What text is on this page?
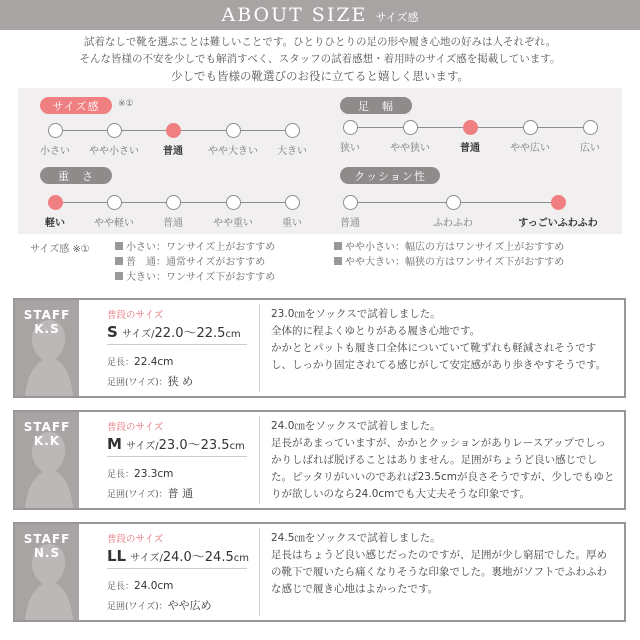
ABOUT SIZE サイズ感
試着なしで靴を選ぶことは難しいことです。ひとりひとりの足の形や履き心地の好みは人それぞれ。
そんな皆様の不安を少しでも解消すべく、スタッフの試着感想・着用時のサイズ感を掲載しています。
少しでも皆様の靴選びのお役に立てると嬉しく思います。
サイズ感	※①
小さい	やや小さい	普通	やや大きい	大きい
足　幅
狭い	やや狭い	普通	やや広い	広い
重　さ
軽い	やや軽い	普通	やや重い	重い
クッション性
普通	ふわふわ	すっごいふわふわ
サイズ感 ※①	小さい：ワンサイズ上がおすすめ
普　通：通常サイズがおすすめ
大きい：ワンサイズ下がおすすめ
やや小さい：幅広の方はワンサイズ上がおすすめ
やや大きい：幅狭の方はワンサイズ下がおすすめ
STAFF
K.S
普段のサイズ
S サイズ/22.0〜22.5cm
足長：22.4cm
足囲(ワイズ)：狭 め
23.0㎝をソックスで試着しました。
全体的に程よくゆとりがある履き心地です。
かかととパットも履き口全体についていて靴ずれも軽減されそうです
し、しっかり固定されてる感じがして安定感があり歩きやすそうです。
STAFF
K.K
普段のサイズ
M サイズ/23.0〜23.5cm
足長：23.3cm
足囲(ワイズ)：普 通
24.0㎝をソックスで試着しました。
足長があまっていますが、かかとクッションがありレースアップでしっ
かりしばれば脱げることはありません。足囲がちょうど良い感じでし
た。ピッタリがいいのであれば23.5cmが良さそうですが、少しでもゆと
りが欲しいのなら24.0cmでも大丈夫そうな印象です。
STAFF
N.S
普段のサイズ
LL サイズ/24.0〜24.5cm
足長：24.0cm
足囲(ワイズ)：やや広め
24.5㎝をソックスで試着しました。
足長はちょうど良い感じだったのですが、足囲が少し窮屈でした。厚め
の靴下で履いたら痛くなりそうな印象でした。裏地がソフトでふわふわ
な感じで履き心地はよかったです。
